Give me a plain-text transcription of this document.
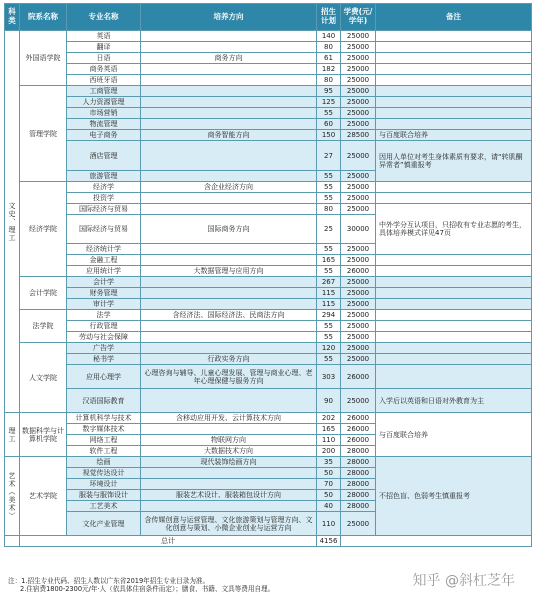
科类	院系名称	专业名称	培养方向	招生计划	学费(元/学年)	备注
文史、理工	外国语学院	英语		140	25000	
		翻译		80	25000	
		日语	商务方向	61	25000	
		商务英语		182	25000	
		西班牙语		80	25000	
	管理学院	工商管理		95	25000	
		人力资源管理		125	25000	
		市场营销		55	25000	
		物流管理		60	25000	
		电子商务	商务智能方向	150	28500	与百度联合培养
		酒店管理		27	25000	因用人单位对考生身体素质有要求，请“转肌酮异常者”慎重报考
		旅游管理		55	25000	
	经济学院	经济学	含企业经济方向	55	25000	
		投资学		55	25000	
		国际经济与贸易		80	25000	中外学分互认项目，只招收有专业志愿的考生，具体培养模式详见47页
		国际经济与贸易	国际商务方向	25	30000	
		经济统计学		55	25000	
		金融工程		165	25000	
		应用统计学	大数据管理与应用方向	55	26000	
	会计学院	会计学		267	25000	
		财务管理		115	25000	
		审计学		115	25000	
	法学院	法学	含经济法、国际经济法、民商法方向	294	25000	
		行政管理		55	25000	
		劳动与社会保障		55	25000	
	人文学院	广告学		120	25000	
		秘书学	行政实务方向	55	25000	
		应用心理学	心理咨询与辅导、儿童心理发展、管理与商业心理、老年心理保健与服务方向	303	26000	
		汉语国际教育		90	25000	入学后以英语和日语对外教育为主
理工	数据科学与计算机学院	计算机科学与技术	含移动应用开发、云计算技术方向	202	26000	与百度联合培养
		数字媒体技术		165	26000	
		网络工程	物联网方向	110	26000	
		软件工程	大数据技术方向	200	28000	
艺术（美术）	艺术学院	绘画	现代装饰绘画方向	35	28000	不招色盲、色弱考生慎重报考
		视觉传达设计		50	28000	
		环境设计		70	28000	
		服装与服饰设计	服装艺术设计、服装箱包设计方向	50	28000	
		工艺美术		40	28000	
		文化产业管理	含传媒创意与运营管理、文化旅游策划与管理方向、文化创意与策划、小微企业创业与运营方向	110	25000	
	总计			4156		
注：1.招生专业代码、招生人数以广东省2019年招生专业目录为准。
2.住宿费1800-2300元/年·人（依具体住宿条件而定）；膳食、书籍、文具等费用自理。
知乎 @斜杠芝年
